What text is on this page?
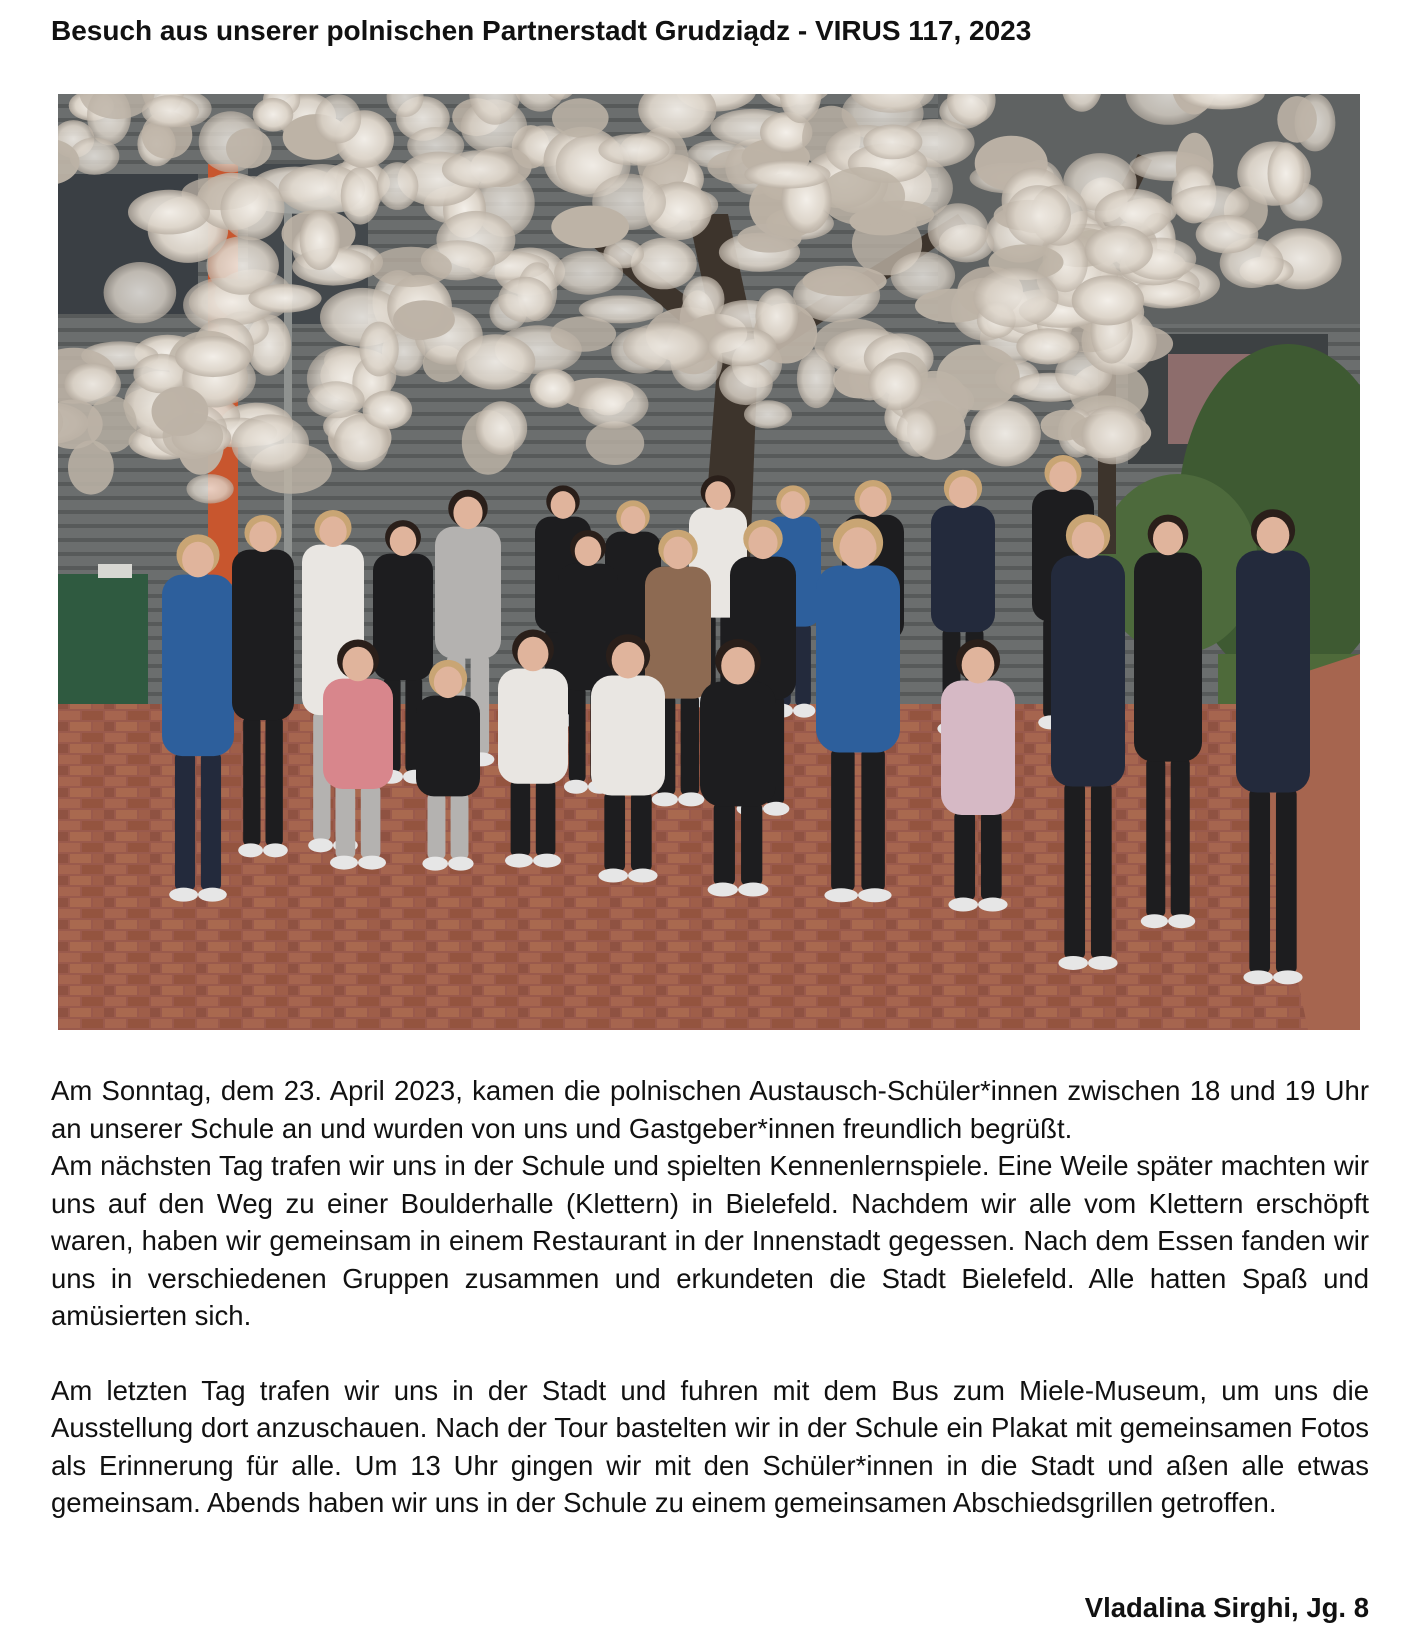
Besuch aus unserer polnischen Partnerstadt Grudziądz - VIRUS 117, 2023

Am Sonntag, dem 23. April 2023, kamen die polnischen Austausch-Schüler*innen zwischen 18 und 19 Uhr an unserer Schule an und wurden von uns und Gastgeber*innen freundlich begrüßt.

Am nächsten Tag trafen wir uns in der Schule und spielten Kennenlernspiele. Eine Weile später machten wir uns auf den Weg zu einer Boulderhalle (Klettern) in Bielefeld. Nachdem wir alle vom Klettern erschöpft waren, haben wir gemeinsam in einem Restaurant in der Innenstadt gegessen. Nach dem Essen fanden wir uns in verschiedenen Gruppen zusammen und erkundeten die Stadt Bielefeld. Alle hatten Spaß und amüsierten sich.

Am letzten Tag trafen wir uns in der Stadt und fuhren mit dem Bus zum Miele-Museum, um uns die Ausstellung dort anzuschauen. Nach der Tour bastelten wir in der Schule ein Plakat mit gemeinsamen Fotos als Erinnerung für alle. Um 13 Uhr gingen wir mit den Schüler*innen in die Stadt und aßen alle etwas gemeinsam. Abends haben wir uns in der Schule zu einem gemeinsamen Abschiedsgrillen getroffen.

Vladalina Sirghi, Jg. 8
